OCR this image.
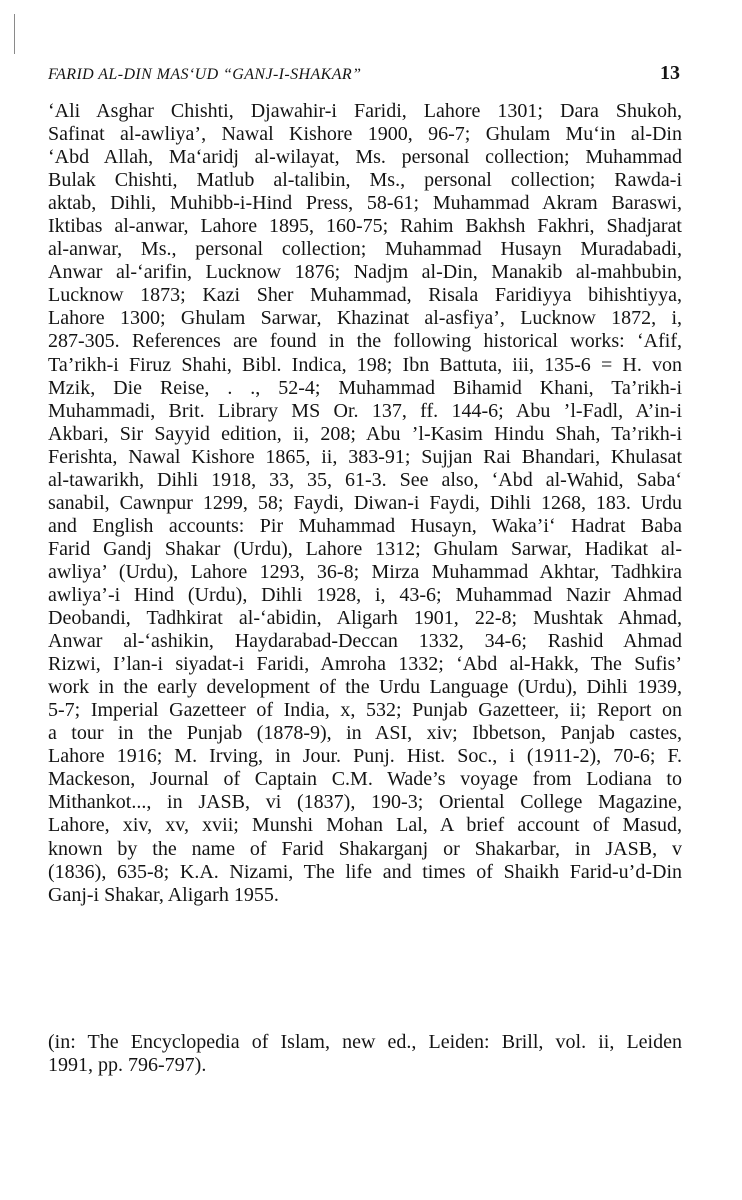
FARID AL-DIN MAS‘UD “GANJ-I-SHAKAR”	13
‘Ali Asghar Chishti, Djawahir-i Faridi, Lahore 1301; Dara Shukoh,
Safinat al-awliya’, Nawal Kishore 1900, 96-7; Ghulam Mu‘in al-Din
‘Abd Allah, Ma‘aridj al-wilayat, Ms. personal collection; Muhammad
Bulak Chishti, Matlub al-talibin, Ms., personal collection; Rawda-i
aktab, Dihli, Muhibb-i-Hind Press, 58-61; Muhammad Akram Baraswi,
Iktibas al-anwar, Lahore 1895, 160-75; Rahim Bakhsh Fakhri, Shadjarat
al-anwar, Ms., personal collection; Muhammad Husayn Muradabadi,
Anwar al-‘arifin, Lucknow 1876; Nadjm al-Din, Manakib al-mahbubin,
Lucknow 1873; Kazi Sher Muhammad, Risala Faridiyya bihishtiyya,
Lahore 1300; Ghulam Sarwar, Khazinat al-asfiya’, Lucknow 1872, i,
287-305. References are found in the following historical works: ‘Afif,
Ta’rikh-i Firuz Shahi, Bibl. Indica, 198; Ibn Battuta, iii, 135-6 = H. von
Mzik, Die Reise, . ., 52-4; Muhammad Bihamid Khani, Ta’rikh-i
Muhammadi, Brit. Library MS Or. 137, ff. 144-6; Abu ’l-Fadl, A’in-i
Akbari, Sir Sayyid edition, ii, 208; Abu ’l-Kasim Hindu Shah, Ta’rikh-i
Ferishta, Nawal Kishore 1865, ii, 383-91; Sujjan Rai Bhandari, Khulasat
al-tawarikh, Dihli 1918, 33, 35, 61-3. See also, ‘Abd al-Wahid, Saba‘
sanabil, Cawnpur 1299, 58; Faydi, Diwan-i Faydi, Dihli 1268, 183. Urdu
and English accounts: Pir Muhammad Husayn, Waka’i‘ Hadrat Baba
Farid Gandj Shakar (Urdu), Lahore 1312; Ghulam Sarwar, Hadikat al-
awliya’ (Urdu), Lahore 1293, 36-8; Mirza Muhammad Akhtar, Tadhkira
awliya’-i Hind (Urdu), Dihli 1928, i, 43-6; Muhammad Nazir Ahmad
Deobandi, Tadhkirat al-‘abidin, Aligarh 1901, 22-8; Mushtak Ahmad,
Anwar al-‘ashikin, Haydarabad-Deccan 1332, 34-6; Rashid Ahmad
Rizwi, I’lan-i siyadat-i Faridi, Amroha 1332; ‘Abd al-Hakk, The Sufis’
work in the early development of the Urdu Language (Urdu), Dihli 1939,
5-7; Imperial Gazetteer of India, x, 532; Punjab Gazetteer, ii; Report on
a tour in the Punjab (1878-9), in ASI, xiv; Ibbetson, Panjab castes,
Lahore 1916; M. Irving, in Jour. Punj. Hist. Soc., i (1911-2), 70-6; F.
Mackeson, Journal of Captain C.M. Wade’s voyage from Lodiana to
Mithankot..., in JASB, vi (1837), 190-3; Oriental College Magazine,
Lahore, xiv, xv, xvii; Munshi Mohan Lal, A brief account of Masud,
known by the name of Farid Shakarganj or Shakarbar, in JASB, v
(1836), 635-8; K.A. Nizami, The life and times of Shaikh Farid-u’d-Din
Ganj-i Shakar, Aligarh 1955.
(in: The Encyclopedia of Islam, new ed., Leiden: Brill, vol. ii, Leiden
1991, pp. 796-797).
